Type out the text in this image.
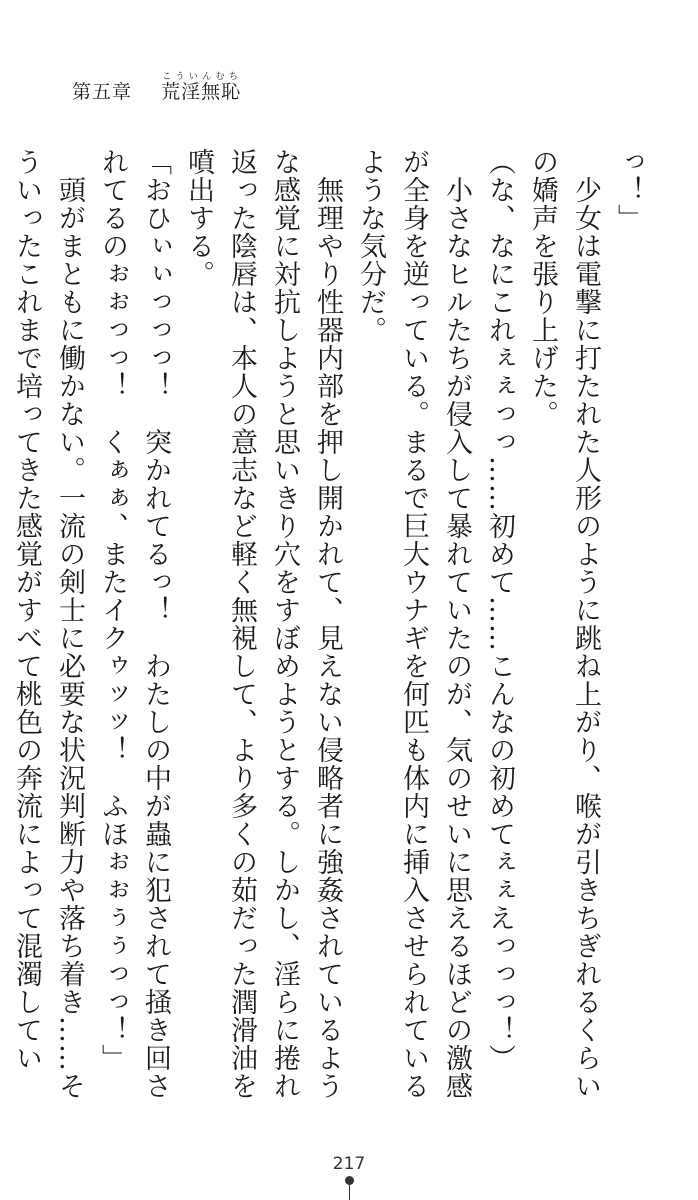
第五章 荒淫無恥こういんむち

っ！」

　少女は電撃に打たれた人形のように跳ね上がり、喉が引きちぎれるくらいの嬌声を張り上げた。

（な、なにこれぇぇっっ……初めて……こんなの初めてぇぇえっっっ！）

　小さなヒルたちが侵入して暴れていたのが、気のせいに思えるほどの激感が全身を逆っている。まるで巨大ウナギを何匹も体内に挿入させられているような気分だ。

　無理やり性器内部を押し開かれて、見えない侵略者に強姦されているような感覚に対抗しようと思いきり穴をすぼめようとする。しかし、淫らに捲れ返った陰唇は、本人の意志など軽く無視して、より多くの茹だった潤滑油を噴出する。

「おひぃぃっっっ！　突かれてるっ！　わたしの中が蟲に犯されて掻き回されてるのぉぉっっ！　くぁぁ、またイクゥッッ！　ふほぉぉぅぅっっ！」

　頭がまともに働かない。一流の剣士に必要な状況判断力や落ち着き……そういったこれまで培ってきた感覚がすべて桃色の奔流によって混濁してい

217
